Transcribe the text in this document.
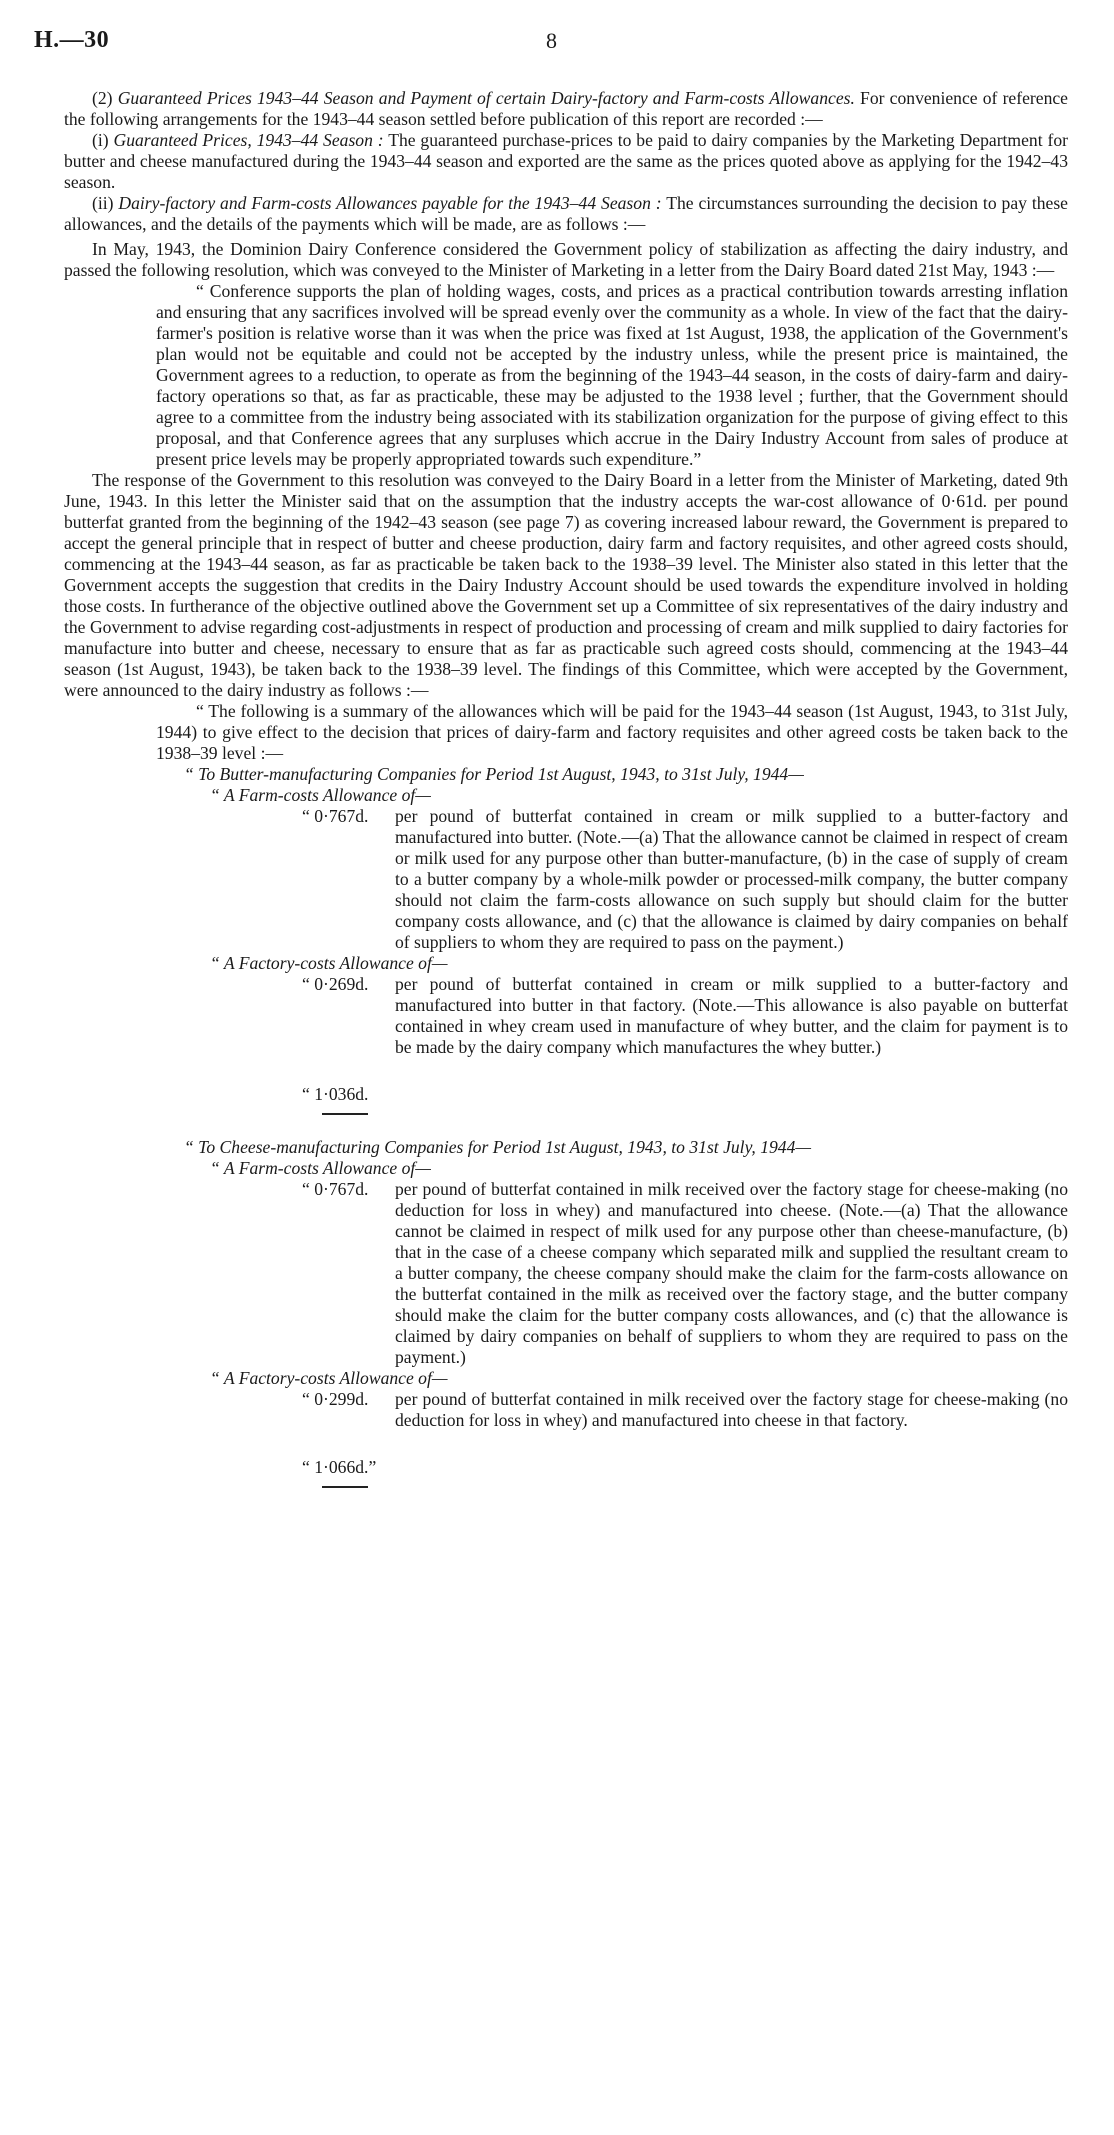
H.—30	8

(2) Guaranteed Prices 1943–44 Season and Payment of certain Dairy-factory and Farm-costs Allowances. For convenience of reference the following arrangements for the 1943–44 season settled before publication of this report are recorded :—

(i) Guaranteed Prices, 1943–44 Season : The guaranteed purchase-prices to be paid to dairy companies by the Marketing Department for butter and cheese manufactured during the 1943–44 season and exported are the same as the prices quoted above as applying for the 1942–43 season.

(ii) Dairy-factory and Farm-costs Allowances payable for the 1943–44 Season : The circumstances surrounding the decision to pay these allowances, and the details of the payments which will be made, are as follows :—

In May, 1943, the Dominion Dairy Conference considered the Government policy of stabilization as affecting the dairy industry, and passed the following resolution, which was conveyed to the Minister of Marketing in a letter from the Dairy Board dated 21st May, 1943 :—

“ Conference supports the plan of holding wages, costs, and prices as a practical contribution towards arresting inflation and ensuring that any sacrifices involved will be spread evenly over the community as a whole. In view of the fact that the dairy-farmer's position is relative worse than it was when the price was fixed at 1st August, 1938, the application of the Government's plan would not be equitable and could not be accepted by the industry unless, while the present price is maintained, the Government agrees to a reduction, to operate as from the beginning of the 1943–44 season, in the costs of dairy-farm and dairy-factory operations so that, as far as practicable, these may be adjusted to the 1938 level ; further, that the Government should agree to a committee from the industry being associated with its stabilization organization for the purpose of giving effect to this proposal, and that Conference agrees that any surpluses which accrue in the Dairy Industry Account from sales of produce at present price levels may be properly appropriated towards such expenditure.”

The response of the Government to this resolution was conveyed to the Dairy Board in a letter from the Minister of Marketing, dated 9th June, 1943. In this letter the Minister said that on the assumption that the industry accepts the war-cost allowance of 0·61d. per pound butterfat granted from the beginning of the 1942–43 season (see page 7) as covering increased labour reward, the Government is prepared to accept the general principle that in respect of butter and cheese production, dairy farm and factory requisites, and other agreed costs should, commencing at the 1943–44 season, as far as practicable be taken back to the 1938–39 level. The Minister also stated in this letter that the Government accepts the suggestion that credits in the Dairy Industry Account should be used towards the expenditure involved in holding those costs. In furtherance of the objective outlined above the Government set up a Committee of six representatives of the dairy industry and the Government to advise regarding cost-adjustments in respect of production and processing of cream and milk supplied to dairy factories for manufacture into butter and cheese, necessary to ensure that as far as practicable such agreed costs should, commencing at the 1943–44 season (1st August, 1943), be taken back to the 1938–39 level. The findings of this Committee, which were accepted by the Government, were announced to the dairy industry as follows :—

“ The following is a summary of the allowances which will be paid for the 1943–44 season (1st August, 1943, to 31st July, 1944) to give effect to the decision that prices of dairy-farm and factory requisites and other agreed costs be taken back to the 1938–39 level :—

“ To Butter-manufacturing Companies for Period 1st August, 1943, to 31st July, 1944—

“ A Farm-costs Allowance of—

“ 0·767d.	per pound of butterfat contained in cream or milk supplied to a butter-factory and manufactured into butter. (Note.—(a) That the allowance cannot be claimed in respect of cream or milk used for any purpose other than butter-manufacture, (b) in the case of supply of cream to a butter company by a whole-milk powder or processed-milk company, the butter company should not claim the farm-costs allowance on such supply but should claim for the butter company costs allowance, and (c) that the allowance is claimed by dairy companies on behalf of suppliers to whom they are required to pass on the payment.)

“ A Factory-costs Allowance of—

“ 0·269d.	per pound of butterfat contained in cream or milk supplied to a butter-factory and manufactured into butter in that factory. (Note.—This allowance is also payable on butterfat contained in whey cream used in manufacture of whey butter, and the claim for payment is to be made by the dairy company which manufactures the whey butter.)

“ 1·036d.

“ To Cheese-manufacturing Companies for Period 1st August, 1943, to 31st July, 1944—

“ A Farm-costs Allowance of—

“ 0·767d.	per pound of butterfat contained in milk received over the factory stage for cheese-making (no deduction for loss in whey) and manufactured into cheese. (Note.—(a) That the allowance cannot be claimed in respect of milk used for any purpose other than cheese-manufacture, (b) that in the case of a cheese company which separated milk and supplied the resultant cream to a butter company, the cheese company should make the claim for the farm-costs allowance on the butterfat contained in the milk as received over the factory stage, and the butter company should make the claim for the butter company costs allowances, and (c) that the allowance is claimed by dairy companies on behalf of suppliers to whom they are required to pass on the payment.)

“ A Factory-costs Allowance of—

“ 0·299d.	per pound of butterfat contained in milk received over the factory stage for cheese-making (no deduction for loss in whey) and manufactured into cheese in that factory.

“ 1·066d.”
